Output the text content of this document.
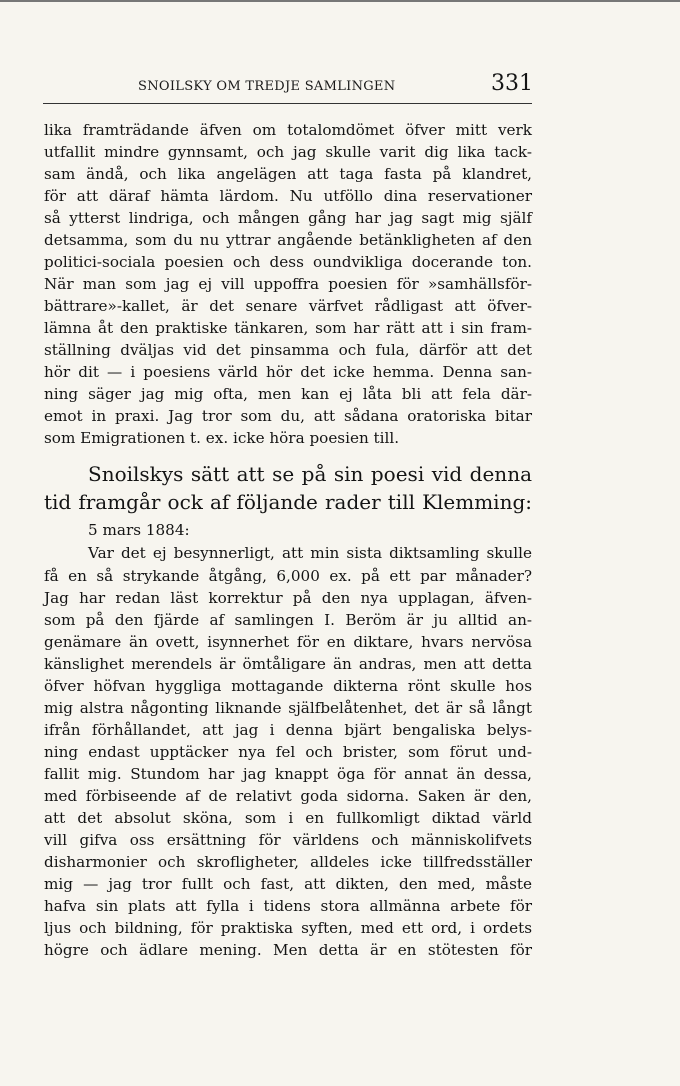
SNOILSKY OM TREDJE SAMLINGEN	331
lika framträdande äfven om totalomdömet öfver mitt verk
utfallit mindre gynnsamt, och jag skulle varit dig lika tack-
sam ändå, och lika angelägen att taga fasta på klandret,
för att däraf hämta lärdom. Nu utföllo dina reservationer
så ytterst lindriga, och mången gång har jag sagt mig själf
detsamma, som du nu yttrar angående betänkligheten af den
politici-sociala poesien och dess oundvikliga docerande ton.
När man som jag ej vill uppoffra poesien för »samhällsför-
bättrare»-kallet, är det senare värfvet rådligast att öfver-
lämna åt den praktiske tänkaren, som har rätt att i sin fram-
ställning dväljas vid det pinsamma och fula, därför att det
hör dit — i poesiens värld hör det icke hemma. Denna san-
ning säger jag mig ofta, men kan ej låta bli att fela där-
emot in praxi. Jag tror som du, att sådana oratoriska bitar
som Emigrationen t. ex. icke höra poesien till.
Snoilskys sätt att se på sin poesi vid denna
tid framgår ock af följande rader till Klemming:
5 mars 1884:
Var det ej besynnerligt, att min sista diktsamling skulle
få en så strykande åtgång, 6,000 ex. på ett par månader?
Jag har redan läst korrektur på den nya upplagan, äfven-
som på den fjärde af samlingen I. Beröm är ju alltid an-
genämare än ovett, isynnerhet för en diktare, hvars nervösa
känslighet merendels är ömtåligare än andras, men att detta
öfver höfvan hyggliga mottagande dikterna rönt skulle hos
mig alstra någonting liknande själfbelåtenhet, det är så långt
ifrån förhållandet, att jag i denna bjärt bengaliska belys-
ning endast upptäcker nya fel och brister, som förut und-
fallit mig. Stundom har jag knappt öga för annat än dessa,
med förbiseende af de relativt goda sidorna. Saken är den,
att det absolut sköna, som i en fullkomligt diktad värld
vill gifva oss ersättning för världens och människolifvets
disharmonier och skrofligheter, alldeles icke tillfredsställer
mig — jag tror fullt och fast, att dikten, den med, måste
hafva sin plats att fylla i tidens stora allmänna arbete för
ljus och bildning, för praktiska syften, med ett ord, i ordets
högre och ädlare mening. Men detta är en stötesten för
